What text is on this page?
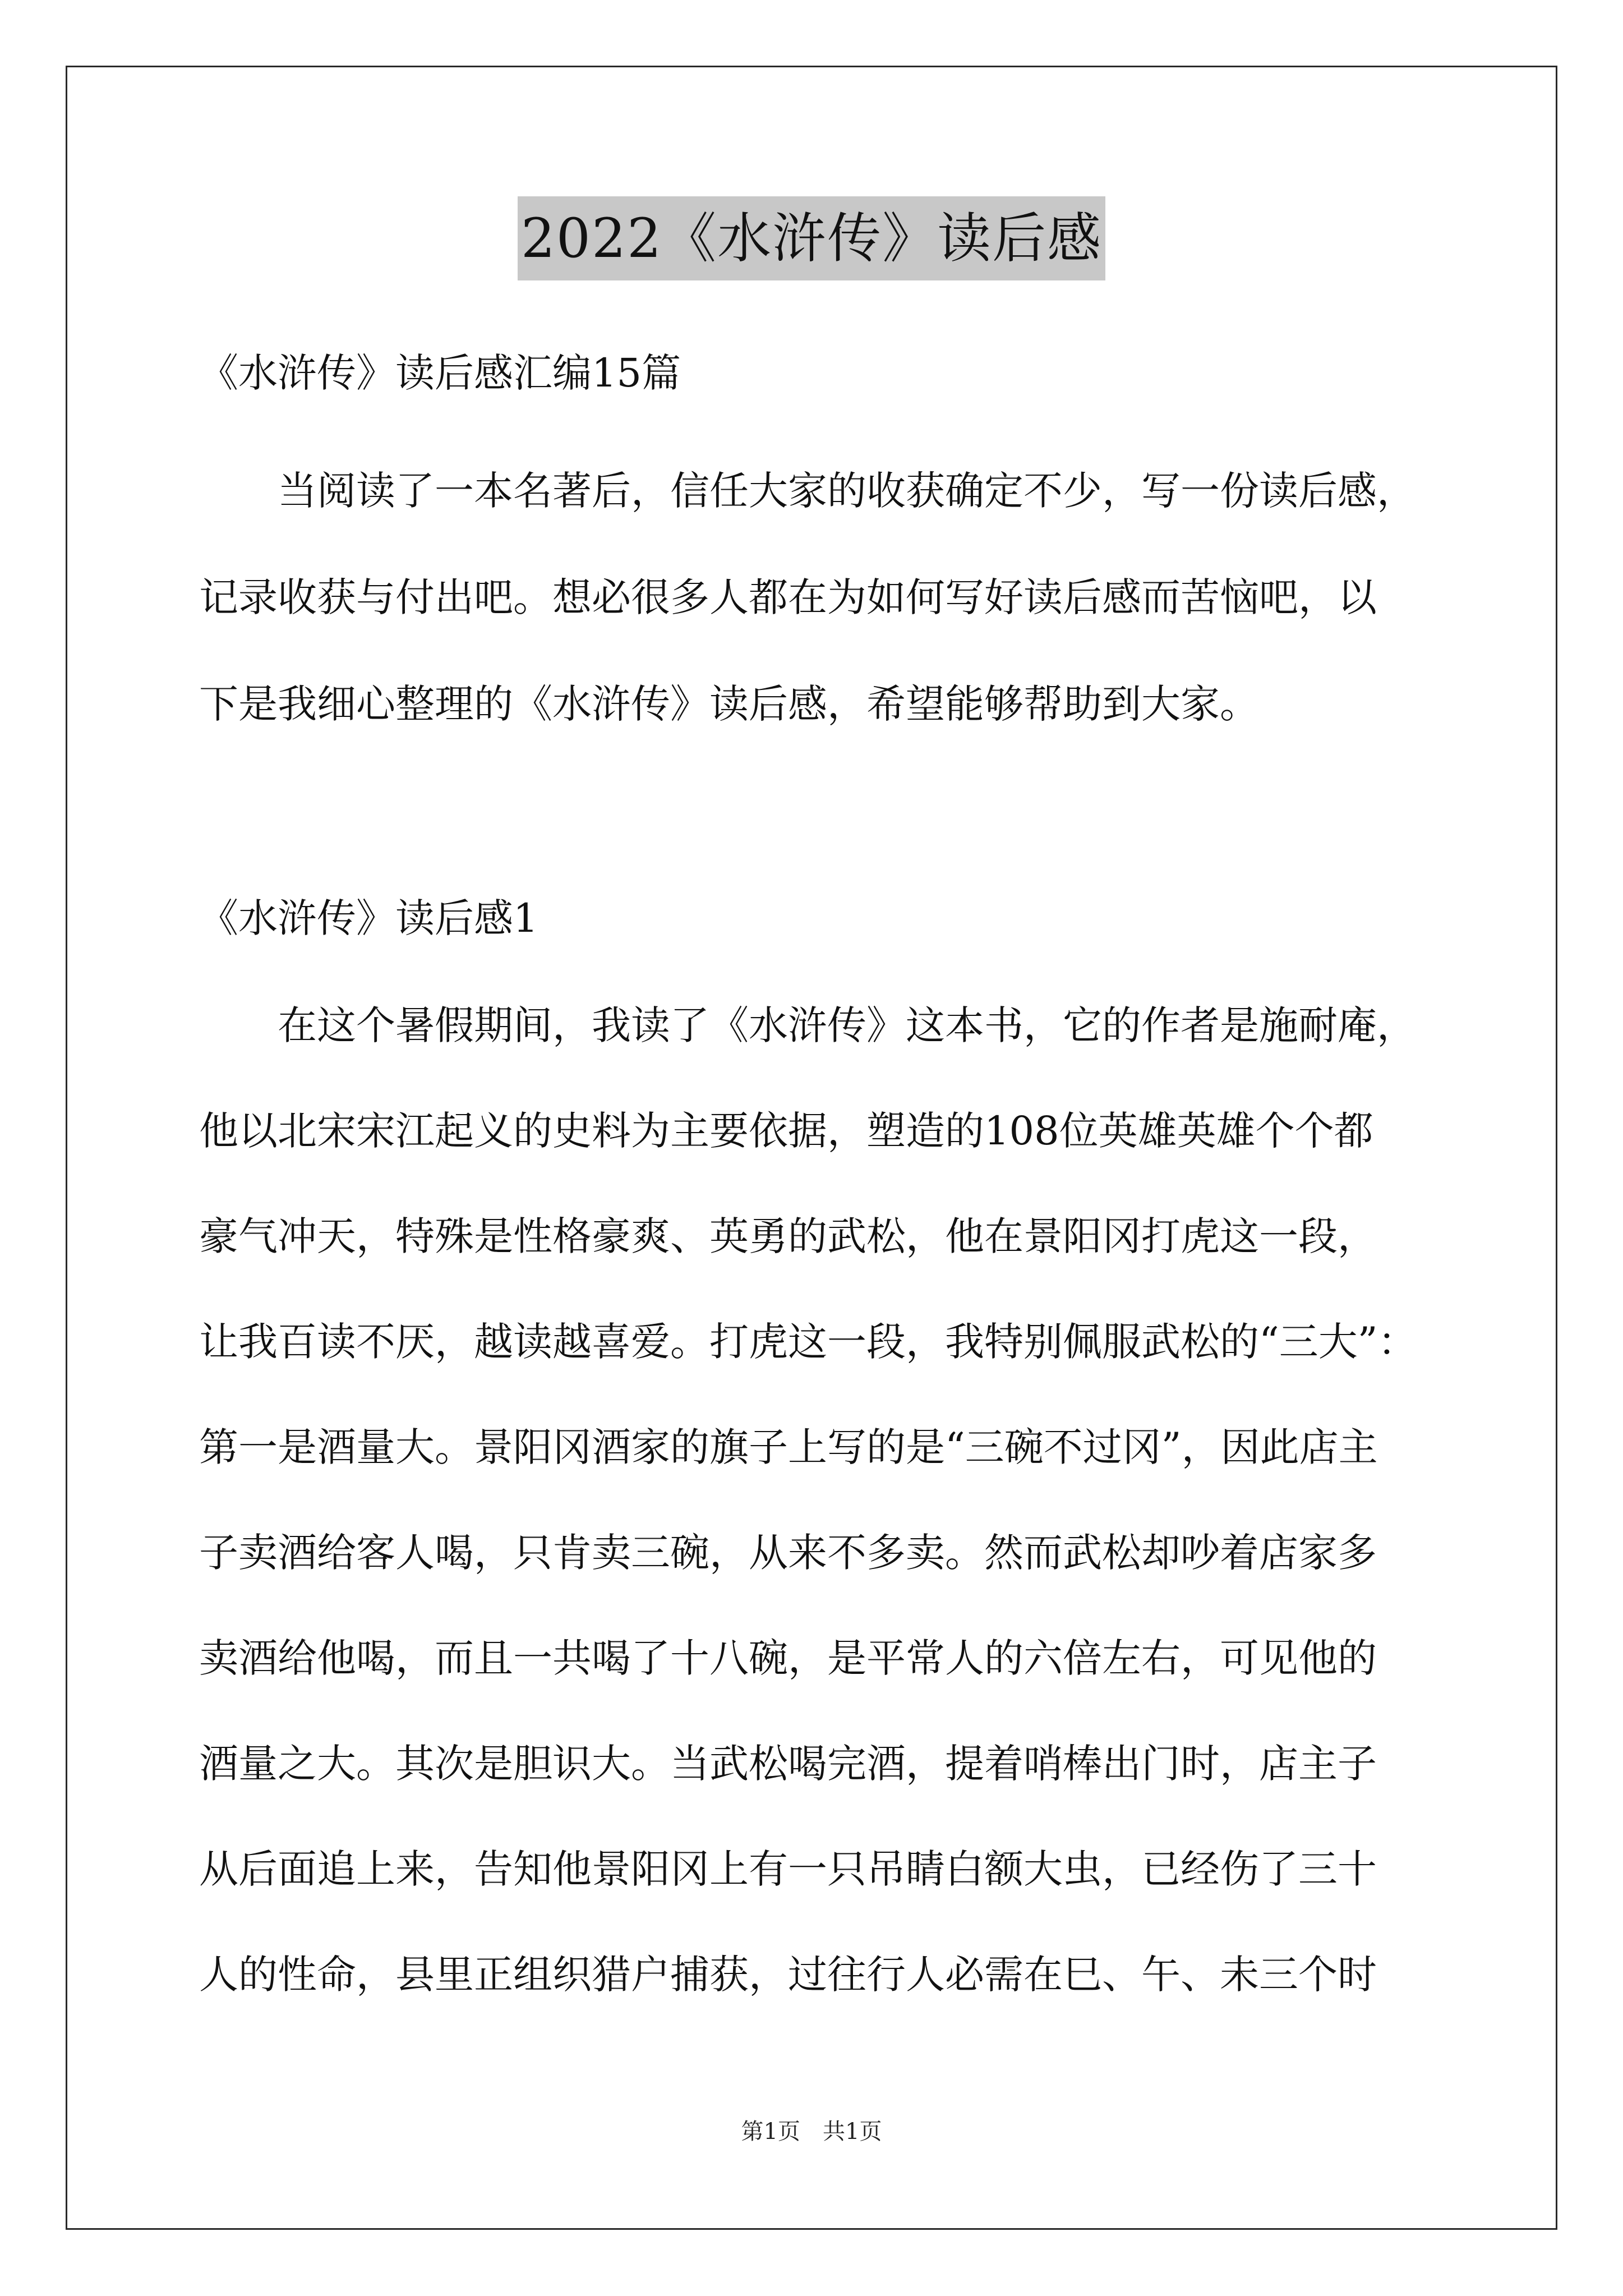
2022《水浒传》读后感
《水浒传》读后感汇编15篇
　　当阅读了一本名著后，信任大家的收获确定不少，写一份读后感，
记录收获与付出吧。想必很多人都在为如何写好读后感而苦恼吧，以
下是我细心整理的《水浒传》读后感，希望能够帮助到大家。
《水浒传》读后感1
　　在这个暑假期间，我读了《水浒传》这本书，它的作者是施耐庵，
他以北宋宋江起义的史料为主要依据，塑造的108位英雄英雄个个都
豪气冲天，特殊是性格豪爽、英勇的武松，他在景阳冈打虎这一段，
让我百读不厌，越读越喜爱。打虎这一段，我特别佩服武松的“三大”：
第一是酒量大。景阳冈酒家的旗子上写的是“三碗不过冈”，因此店主
子卖酒给客人喝，只肯卖三碗，从来不多卖。然而武松却吵着店家多
卖酒给他喝，而且一共喝了十八碗，是平常人的六倍左右，可见他的
酒量之大。其次是胆识大。当武松喝完酒，提着哨棒出门时，店主子
从后面追上来，告知他景阳冈上有一只吊睛白额大虫，已经伤了三十
人的性命，县里正组织猎户捕获，过往行人必需在巳、午、未三个时
第1页　共1页
